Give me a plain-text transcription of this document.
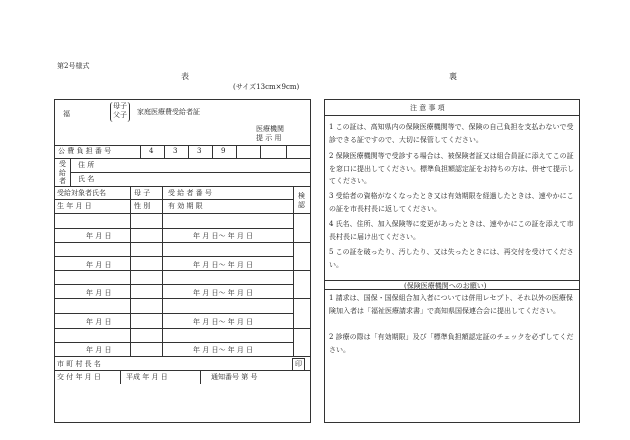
第2号様式
表	裏
(サイズ13cm×9cm)
福
母子
父子 家庭医療費受給者証
医療機関
提 示 用
公 費 負 担 番 号	4	3	3	9
受給者
住 所
氏 名
受給対象者氏名	母 子	受 給 者 番 号	検認
生 年 月 日	性 別	有 効 期 限
年 月 日	年 月 日～ 年 月 日
年 月 日	年 月 日～ 年 月 日
年 月 日	年 月 日～ 年 月 日
年 月 日	年 月 日～ 年 月 日
年 月 日	年 月 日～ 年 月 日
市 町 村 長 名	印
交 付 年 月 日	平成 年 月 日	通知番号 第 号
注 意 事 項
1 この証は、高知県内の保険医療機関等で、保険の自己負担を支払わないで受診できる証ですので、大切に保管してください。
2 保険医療機関等で受診する場合は、被保険者証又は組合員証に添えてこの証を窓口に提出してください。標準負担額認定証をお持ちの方は、併せて提示してください。
3 受給者の資格がなくなったとき又は有効期限を経過したときは、速やかにこの証を市長村長に返してください。
4 氏名、住所、加入保険等に変更があったときは、速やかにこの証を添えて市長村長に届け出てください。
5 この証を破ったり、汚したり、又は失ったときには、再交付を受けてください。
(保険医療機関へのお願い)
1 請求は、国保・国保組合加入者については併用レセプト、それ以外の医療保険加入者は「福祉医療請求書」で高知県国保連合会に提出してください。
2 診療の際は「有効期限」及び「標準負担額認定証のチェックを必ずしてください。
